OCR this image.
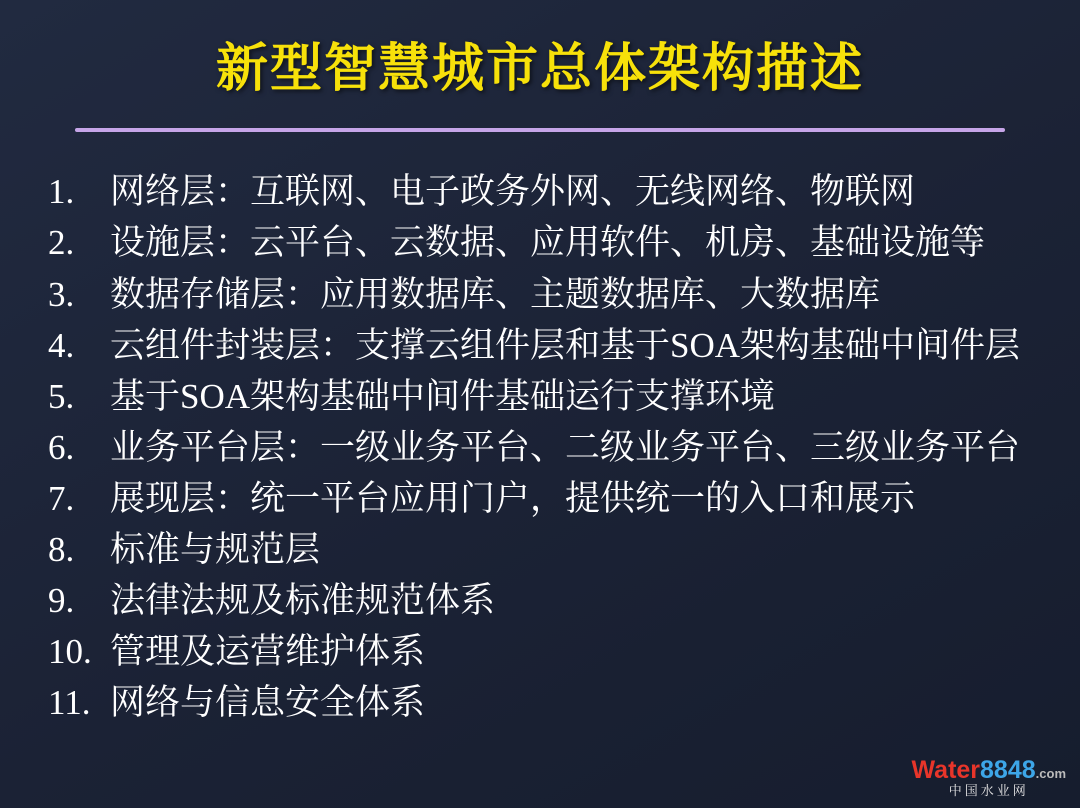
新型智慧城市总体架构描述
1.	网络层：互联网、电子政务外网、无线网络、物联网
2.	设施层：云平台、云数据、应用软件、机房、基础设施等
3.	数据存储层：应用数据库、主题数据库、大数据库
4.	云组件封装层：支撑云组件层和基于SOA架构基础中间件层
5.	基于SOA架构基础中间件基础运行支撑环境
6.	业务平台层：一级业务平台、二级业务平台、三级业务平台
7.	展现层：统一平台应用门户，提供统一的入口和展示
8.	标准与规范层
9.	法律法规及标准规范体系
10. 管理及运营维护体系
11. 网络与信息安全体系
Water8848.com
中国水业网
